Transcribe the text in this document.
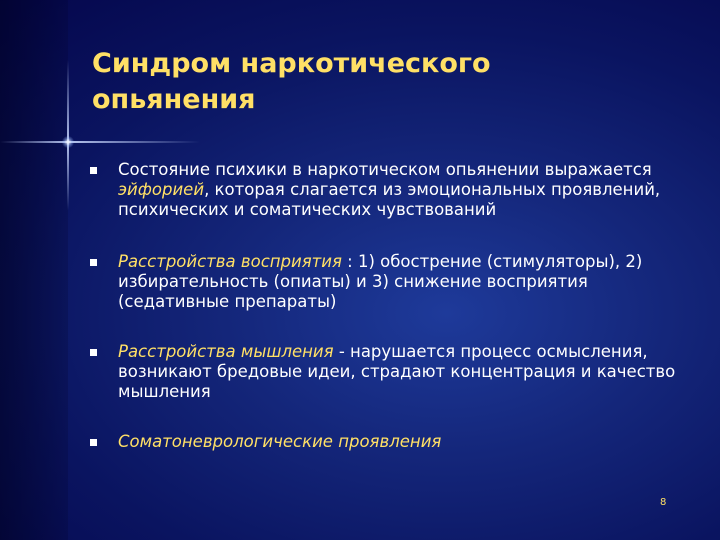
Синдром наркотического опьянения
Состояние психики в наркотическом опьянении выражается эйфорией, которая слагается из эмоциональных проявлений, психических и соматических чувствований
Расстройства восприятия : 1) обострение (стимуляторы), 2) избирательность (опиаты) и 3) снижение восприятия (седативные препараты)
Расстройства мышления - нарушается процесс осмысления, возникают бредовые идеи, страдают концентрация и качество мышления
Соматоневрологические проявления
8
